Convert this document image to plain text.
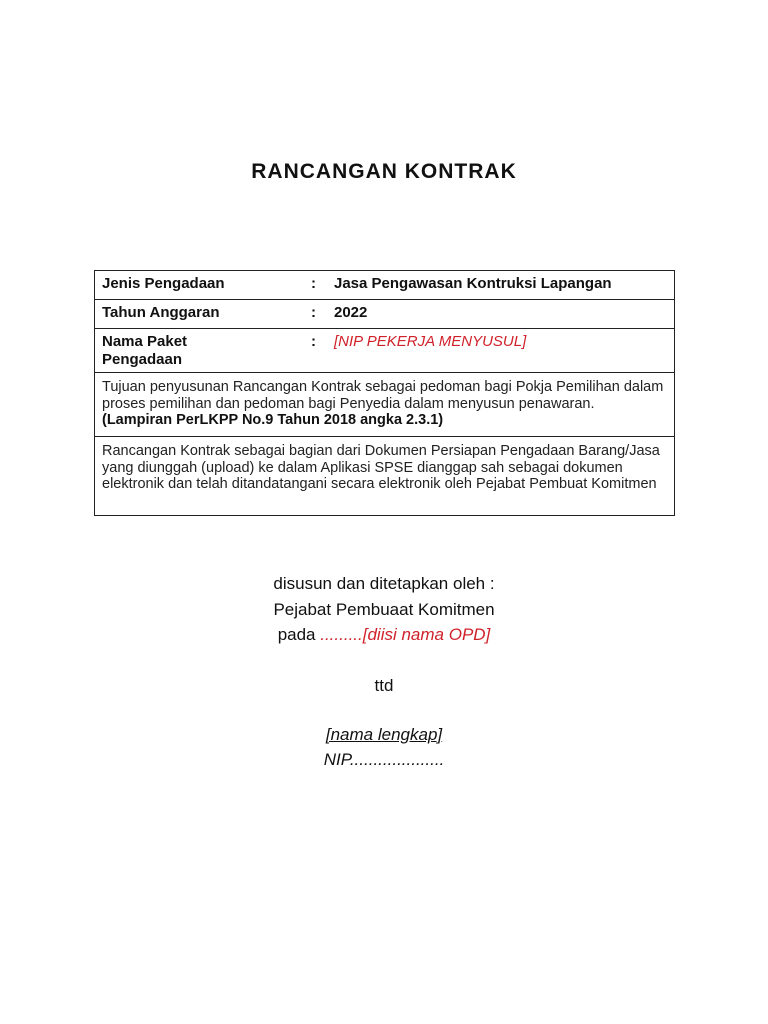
RANCANGAN KONTRAK
Jenis Pengadaan	: Jasa Pengawasan Kontruksi Lapangan
Tahun Anggaran	: 2022
Nama Paket
Pengadaan
: [NIP PEKERJA MENYUSUL]
Tujuan penyusunan Rancangan Kontrak sebagai pedoman bagi Pokja Pemilihan dalam proses pemilihan dan pedoman bagi Penyedia dalam menyusun penawaran. (Lampiran PerLKPP No.9 Tahun 2018 angka 2.3.1)
Rancangan Kontrak sebagai bagian dari Dokumen Persiapan Pengadaan Barang/Jasa yang diunggah (upload) ke dalam Aplikasi SPSE dianggap sah sebagai dokumen elektronik dan telah ditandatangani secara elektronik oleh Pejabat Pembuat Komitmen
disusun dan ditetapkan oleh :
Pejabat Pembuaat Komitmen
pada .........[diisi nama OPD]
ttd
[nama lengkap]
NIP....................
